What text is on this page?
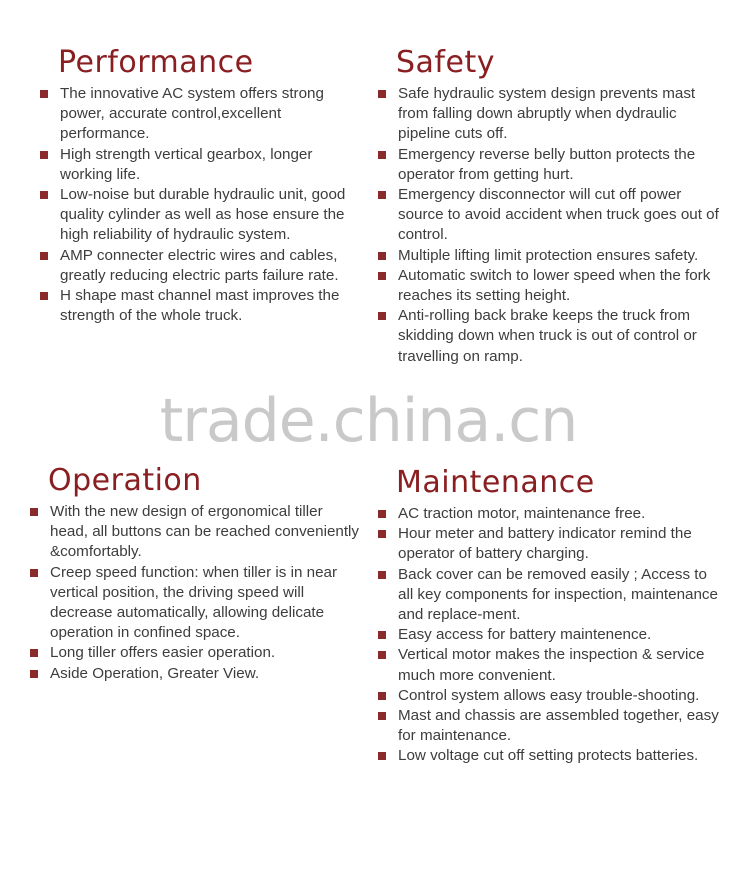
trade.china.cn
Performance
The innovative AC system offers strong power, accurate control,excellent performance.
High strength vertical gearbox, longer working life.
Low-noise but durable hydraulic unit, good quality cylinder as well as hose ensure the high reliability of hydraulic system.
AMP connecter electric wires and cables, greatly reducing electric parts failure rate.
H shape mast channel mast improves the strength of the whole truck.
Safety
Safe hydraulic system design prevents mast from falling down abruptly when dydraulic pipeline cuts off.
Emergency reverse belly button protects the operator from getting hurt.
Emergency disconnector will cut off power source to avoid accident when truck goes out of control.
Multiple lifting limit protection ensures safety.
Automatic switch to lower speed when the fork reaches its setting height.
Anti-rolling back brake keeps the truck from skidding down when truck is out of control or travelling on ramp.
Operation
With the new design of ergonomical tiller head, all buttons can be reached conveniently &comfortably.
Creep speed function: when tiller is in near vertical position, the driving speed will decrease automatically, allowing delicate operation in confined space.
Long tiller offers easier operation.
Aside Operation, Greater View.
Maintenance
AC traction motor, maintenance free.
Hour meter and battery indicator remind the operator of battery charging.
Back cover can be removed easily ; Access to all key components for inspection, maintenance and replace-ment.
Easy access for battery maintenence.
Vertical motor makes the inspection & service much more convenient.
Control system allows easy trouble-shooting.
Mast and chassis are assembled together, easy for maintenance.
Low voltage cut off setting protects batteries.
